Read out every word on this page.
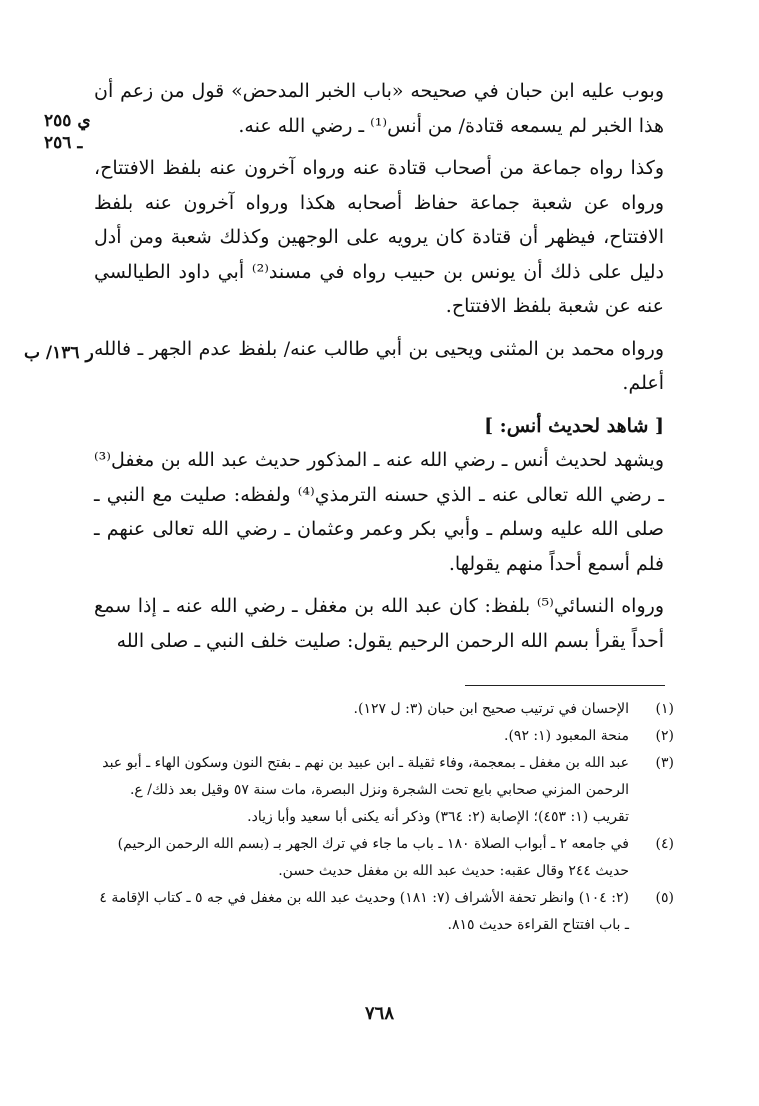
ي ٢٥٥
ـ ٢٥٦
ر ١٣٦/ ب

وبوب عليه ابن حبان في صحيحه «باب الخبر المدحض» قول من زعم أن هذا الخبر لم يسمعه قتادة/ من أنس⁽¹⁾ ـ رضي الله عنه.

وكذا رواه جماعة من أصحاب قتادة عنه ورواه آخرون عنه بلفظ الافتتاح، ورواه عن شعبة جماعة حفاظ أصحابه هكذا ورواه آخرون عنه بلفظ الافتتاح، فيظهر أن قتادة كان يرويه على الوجهين وكذلك شعبة ومن أدل دليل على ذلك أن يونس بن حبيب رواه في مسند⁽²⁾ أبي داود الطيالسي عنه عن شعبة بلفظ الافتتاح.

ورواه محمد بن المثنى ويحيى بن أبي طالب عنه/ بلفظ عدم الجهر ـ فالله أعلم.

[ شاهد لحديث أنس: ]

ويشهد لحديث أنس ـ رضي الله عنه ـ المذكور حديث عبد الله بن مغفل⁽³⁾ ـ رضي الله تعالى عنه ـ الذي حسنه الترمذي⁽⁴⁾ ولفظه: صليت مع النبي ـ صلى الله عليه وسلم ـ وأبي بكر وعمر وعثمان ـ رضي الله تعالى عنهم ـ فلم أسمع أحداً منهم يقولها.

ورواه النسائي⁽⁵⁾ بلفظ: كان عبد الله بن مغفل ـ رضي الله عنه ـ إذا سمع أحداً يقرأ بسم الله الرحمن الرحيم يقول: صليت خلف النبي ـ صلى الله

(١)
الإحسان في ترتيب صحيح ابن حبان (٣: ل ١٢٧).
(٢)
منحة المعبود (١: ٩٢).
(٣)
عبد الله بن مغفل ـ بمعجمة، وفاء ثقيلة ـ ابن عبيد بن نهم ـ بفتح النون وسكون الهاء ـ أبو عبد الرحمن المزني صحابي بايع تحت الشجرة ونزل البصرة، مات سنة ٥٧ وقيل بعد ذلك/ ع.
تقريب (١: ٤٥٣)؛ الإصابة (٢: ٣٦٤) وذكر أنه يكنى أبا سعيد وأبا زياد.
(٤)
في جامعه ٢ ـ أبواب الصلاة ١٨٠ ـ باب ما جاء في ترك الجهر بـ (بسم الله الرحمن الرحيم) حديث ٢٤٤ وقال عقبه: حديث عبد الله بن مغفل حديث حسن.
(٥)
(٢: ١٠٤) وانظر تحفة الأشراف (٧: ١٨١) وحديث عبد الله بن مغفل في جه ٥ ـ كتاب الإقامة ٤ ـ باب افتتاح القراءة حديث ٨١٥.
٧٦٨
